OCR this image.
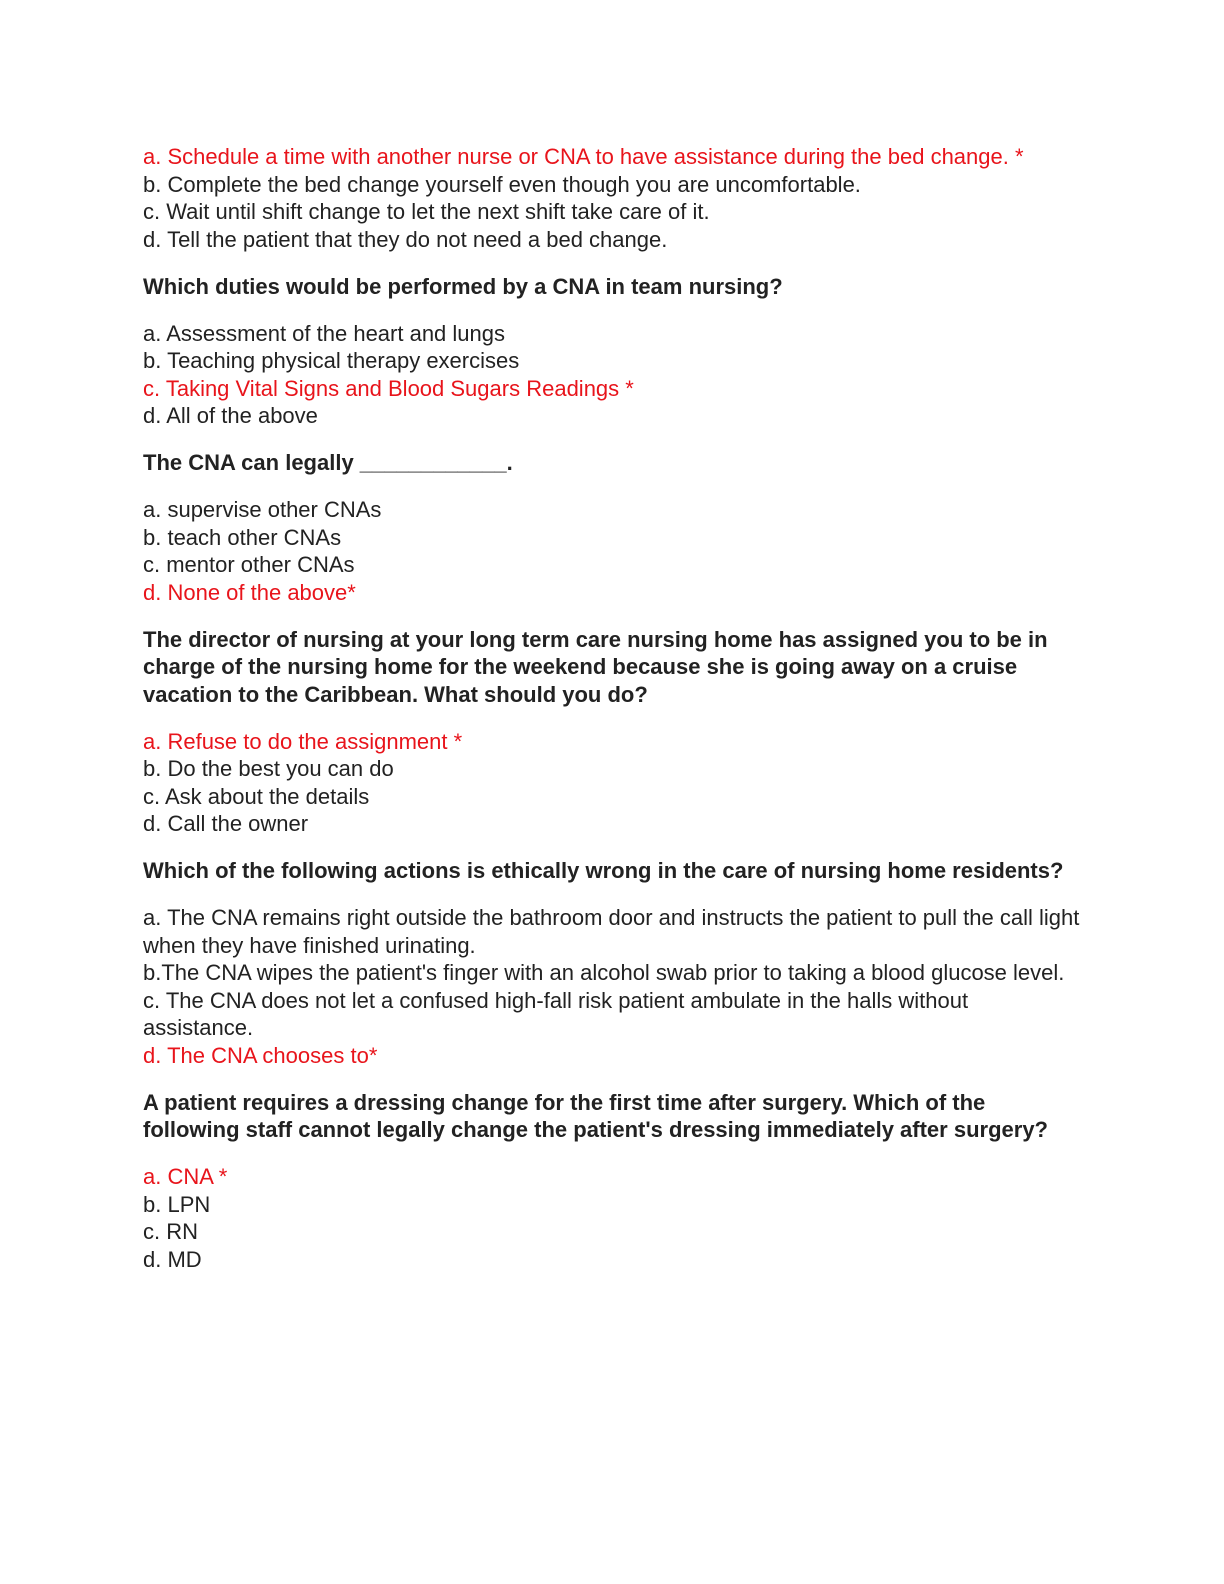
a. Schedule a time with another nurse or CNA to have assistance during the bed change. *

b. Complete the bed change yourself even though you are uncomfortable.

c. Wait until shift change to let the next shift take care of it.

d. Tell the patient that they do not need a bed change.

Which duties would be performed by a CNA in team nursing?

a. Assessment of the heart and lungs

b. Teaching physical therapy exercises

c. Taking Vital Signs and Blood Sugars Readings *

d. All of the above

The CNA can legally ____________.

a. supervise other CNAs

b. teach other CNAs

c. mentor other CNAs

d. None of the above*

The director of nursing at your long term care nursing home has assigned you to be in charge of the nursing home for the weekend because she is going away on a cruise vacation to the Caribbean. What should you do?

a. Refuse to do the assignment *

b. Do the best you can do

c. Ask about the details

d. Call the owner

Which of the following actions is ethically wrong in the care of nursing home residents?

a. The CNA remains right outside the bathroom door and instructs the patient to pull the call light when they have finished urinating.

b.The CNA wipes the patient's finger with an alcohol swab prior to taking a blood glucose level.

c. The CNA does not let a confused high-fall risk patient ambulate in the halls without assistance.

d. The CNA chooses to*

A patient requires a dressing change for the first time after surgery. Which of the following staff cannot legally change the patient's dressing immediately after surgery?

a. CNA *

b. LPN

c. RN

d. MD
